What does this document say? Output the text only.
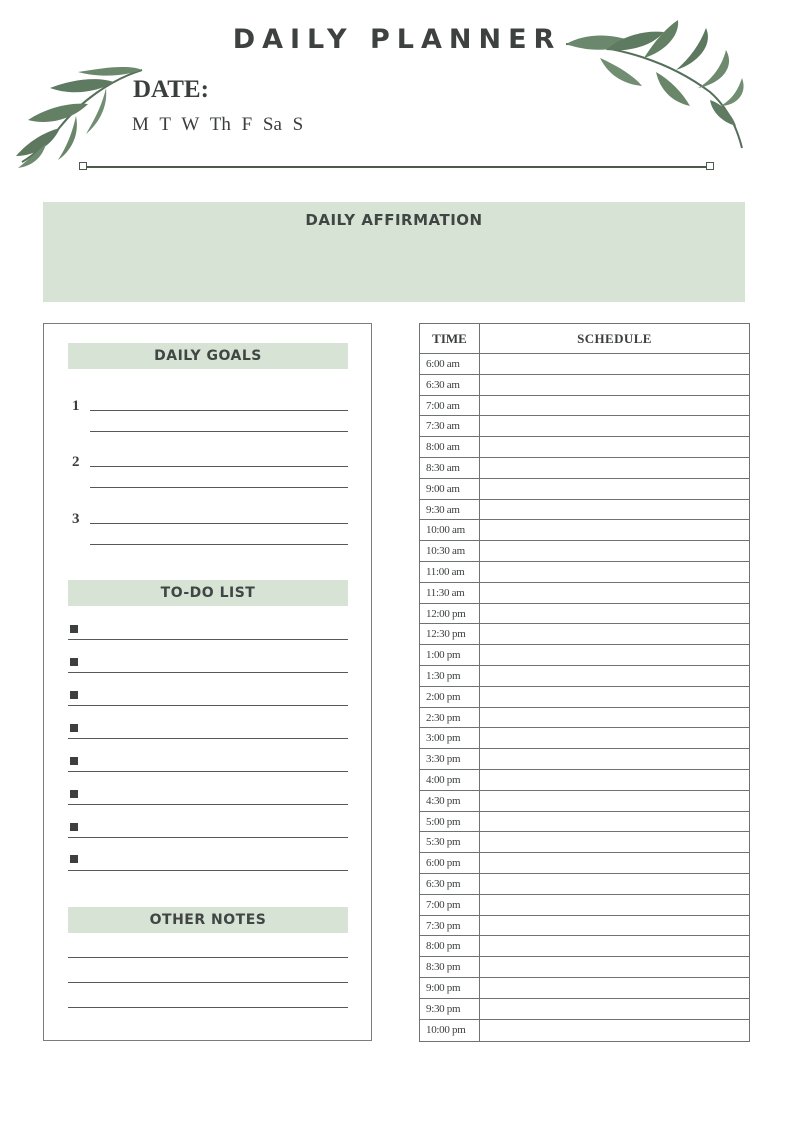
DAILY PLANNER
DATE:
M T W Th F Sa S
DAILY AFFIRMATION
DAILY GOALS
1
2
3
TO-DO LIST
OTHER NOTES
TIME	SCHEDULE
6:00 am
6:30 am
7:00 am
7:30 am
8:00 am
8:30 am
9:00 am
9:30 am
10:00 am
10:30 am
11:00 am
11:30 am
12:00 pm
12:30 pm
1:00 pm
1:30 pm
2:00 pm
2:30 pm
3:00 pm
3:30 pm
4:00 pm
4:30 pm
5:00 pm
5:30 pm
6:00 pm
6:30 pm
7:00 pm
7:30 pm
8:00 pm
8:30 pm
9:00 pm
9:30 pm
10:00 pm
